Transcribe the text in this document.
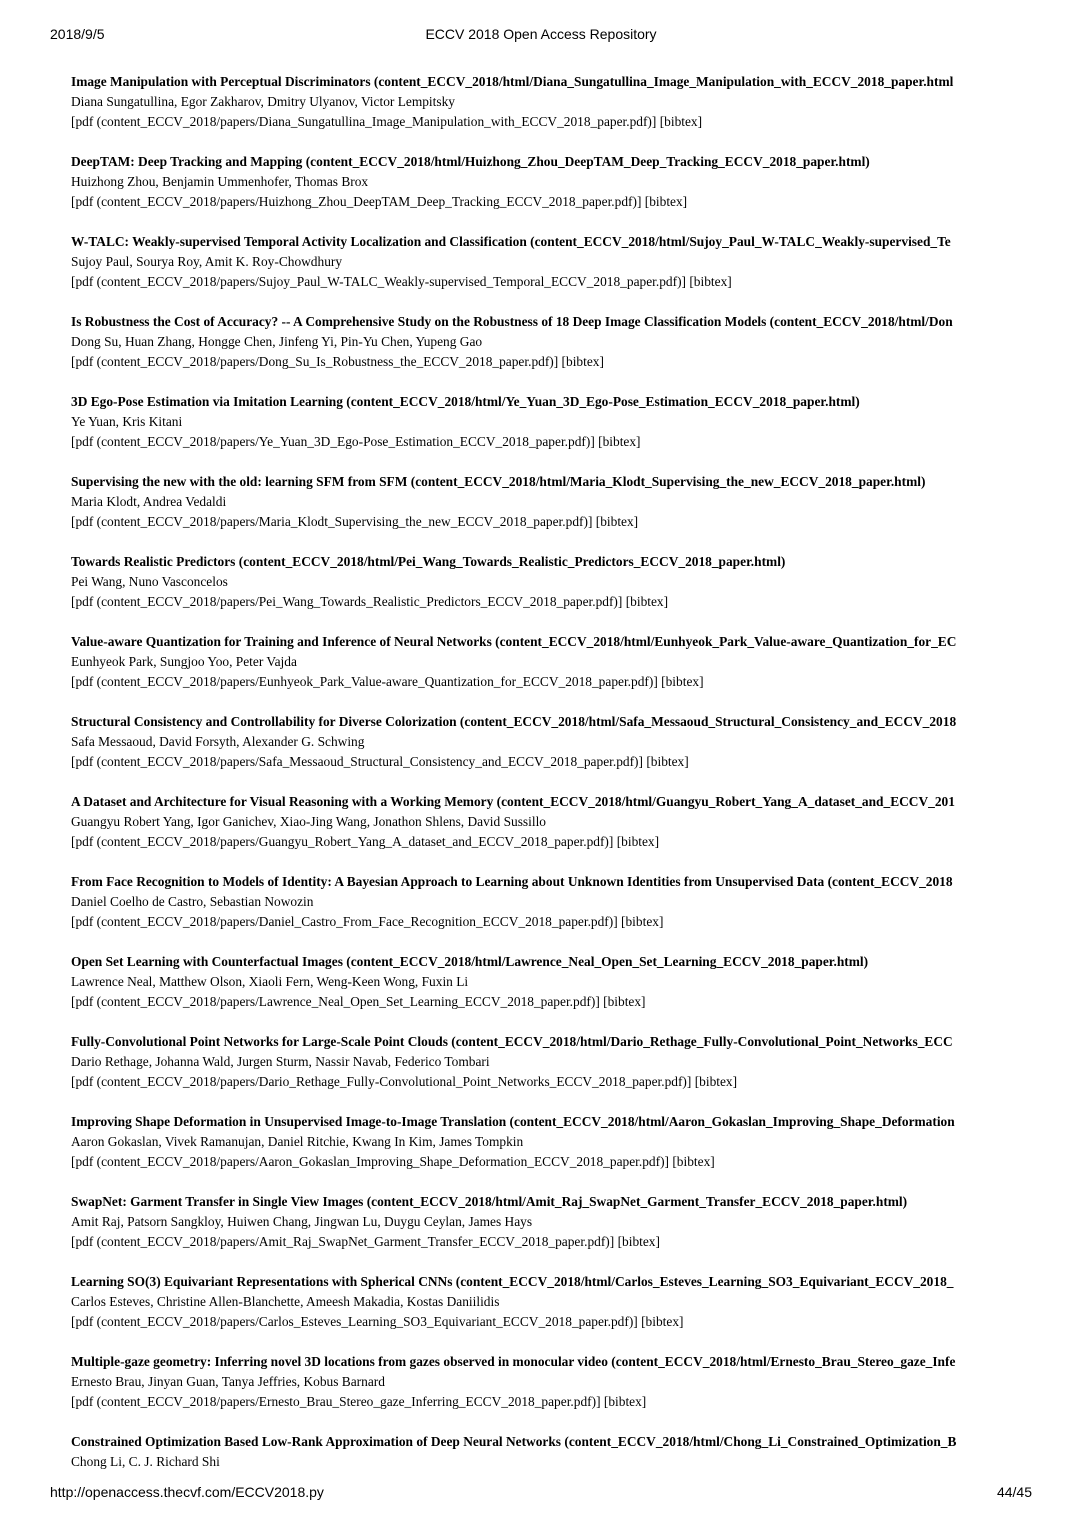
2018/9/5	ECCV 2018 Open Access Repository
Image Manipulation with Perceptual Discriminators (content_ECCV_2018/html/Diana_Sungatullina_Image_Manipulation_with_ECCV_2018_paper.html
Diana Sungatullina, Egor Zakharov, Dmitry Ulyanov, Victor Lempitsky
[pdf (content_ECCV_2018/papers/Diana_Sungatullina_Image_Manipulation_with_ECCV_2018_paper.pdf)] [bibtex]
DeepTAM: Deep Tracking and Mapping (content_ECCV_2018/html/Huizhong_Zhou_DeepTAM_Deep_Tracking_ECCV_2018_paper.html)
Huizhong Zhou, Benjamin Ummenhofer, Thomas Brox
[pdf (content_ECCV_2018/papers/Huizhong_Zhou_DeepTAM_Deep_Tracking_ECCV_2018_paper.pdf)] [bibtex]
W-TALC: Weakly-supervised Temporal Activity Localization and Classification (content_ECCV_2018/html/Sujoy_Paul_W-TALC_Weakly-supervised_Te
Sujoy Paul, Sourya Roy, Amit K. Roy-Chowdhury
[pdf (content_ECCV_2018/papers/Sujoy_Paul_W-TALC_Weakly-supervised_Temporal_ECCV_2018_paper.pdf)] [bibtex]
Is Robustness the Cost of Accuracy? -- A Comprehensive Study on the Robustness of 18 Deep Image Classification Models (content_ECCV_2018/html/Don
Dong Su, Huan Zhang, Hongge Chen, Jinfeng Yi, Pin-Yu Chen, Yupeng Gao
[pdf (content_ECCV_2018/papers/Dong_Su_Is_Robustness_the_ECCV_2018_paper.pdf)] [bibtex]
3D Ego-Pose Estimation via Imitation Learning (content_ECCV_2018/html/Ye_Yuan_3D_Ego-Pose_Estimation_ECCV_2018_paper.html)
Ye Yuan, Kris Kitani
[pdf (content_ECCV_2018/papers/Ye_Yuan_3D_Ego-Pose_Estimation_ECCV_2018_paper.pdf)] [bibtex]
Supervising the new with the old: learning SFM from SFM (content_ECCV_2018/html/Maria_Klodt_Supervising_the_new_ECCV_2018_paper.html)
Maria Klodt, Andrea Vedaldi
[pdf (content_ECCV_2018/papers/Maria_Klodt_Supervising_the_new_ECCV_2018_paper.pdf)] [bibtex]
Towards Realistic Predictors (content_ECCV_2018/html/Pei_Wang_Towards_Realistic_Predictors_ECCV_2018_paper.html)
Pei Wang, Nuno Vasconcelos
[pdf (content_ECCV_2018/papers/Pei_Wang_Towards_Realistic_Predictors_ECCV_2018_paper.pdf)] [bibtex]
Value-aware Quantization for Training and Inference of Neural Networks (content_ECCV_2018/html/Eunhyeok_Park_Value-aware_Quantization_for_EC
Eunhyeok Park, Sungjoo Yoo, Peter Vajda
[pdf (content_ECCV_2018/papers/Eunhyeok_Park_Value-aware_Quantization_for_ECCV_2018_paper.pdf)] [bibtex]
Structural Consistency and Controllability for Diverse Colorization (content_ECCV_2018/html/Safa_Messaoud_Structural_Consistency_and_ECCV_2018
Safa Messaoud, David Forsyth, Alexander G. Schwing
[pdf (content_ECCV_2018/papers/Safa_Messaoud_Structural_Consistency_and_ECCV_2018_paper.pdf)] [bibtex]
A Dataset and Architecture for Visual Reasoning with a Working Memory (content_ECCV_2018/html/Guangyu_Robert_Yang_A_dataset_and_ECCV_201
Guangyu Robert Yang, Igor Ganichev, Xiao-Jing Wang, Jonathon Shlens, David Sussillo
[pdf (content_ECCV_2018/papers/Guangyu_Robert_Yang_A_dataset_and_ECCV_2018_paper.pdf)] [bibtex]
From Face Recognition to Models of Identity: A Bayesian Approach to Learning about Unknown Identities from Unsupervised Data (content_ECCV_2018
Daniel Coelho de Castro, Sebastian Nowozin
[pdf (content_ECCV_2018/papers/Daniel_Castro_From_Face_Recognition_ECCV_2018_paper.pdf)] [bibtex]
Open Set Learning with Counterfactual Images (content_ECCV_2018/html/Lawrence_Neal_Open_Set_Learning_ECCV_2018_paper.html)
Lawrence Neal, Matthew Olson, Xiaoli Fern, Weng-Keen Wong, Fuxin Li
[pdf (content_ECCV_2018/papers/Lawrence_Neal_Open_Set_Learning_ECCV_2018_paper.pdf)] [bibtex]
Fully-Convolutional Point Networks for Large-Scale Point Clouds (content_ECCV_2018/html/Dario_Rethage_Fully-Convolutional_Point_Networks_ECC
Dario Rethage, Johanna Wald, Jurgen Sturm, Nassir Navab, Federico Tombari
[pdf (content_ECCV_2018/papers/Dario_Rethage_Fully-Convolutional_Point_Networks_ECCV_2018_paper.pdf)] [bibtex]
Improving Shape Deformation in Unsupervised Image-to-Image Translation (content_ECCV_2018/html/Aaron_Gokaslan_Improving_Shape_Deformation
Aaron Gokaslan, Vivek Ramanujan, Daniel Ritchie, Kwang In Kim, James Tompkin
[pdf (content_ECCV_2018/papers/Aaron_Gokaslan_Improving_Shape_Deformation_ECCV_2018_paper.pdf)] [bibtex]
SwapNet: Garment Transfer in Single View Images (content_ECCV_2018/html/Amit_Raj_SwapNet_Garment_Transfer_ECCV_2018_paper.html)
Amit Raj, Patsorn Sangkloy, Huiwen Chang, Jingwan Lu, Duygu Ceylan, James Hays
[pdf (content_ECCV_2018/papers/Amit_Raj_SwapNet_Garment_Transfer_ECCV_2018_paper.pdf)] [bibtex]
Learning SO(3) Equivariant Representations with Spherical CNNs (content_ECCV_2018/html/Carlos_Esteves_Learning_SO3_Equivariant_ECCV_2018_
Carlos Esteves, Christine Allen-Blanchette, Ameesh Makadia, Kostas Daniilidis
[pdf (content_ECCV_2018/papers/Carlos_Esteves_Learning_SO3_Equivariant_ECCV_2018_paper.pdf)] [bibtex]
Multiple-gaze geometry: Inferring novel 3D locations from gazes observed in monocular video (content_ECCV_2018/html/Ernesto_Brau_Stereo_gaze_Infe
Ernesto Brau, Jinyan Guan, Tanya Jeffries, Kobus Barnard
[pdf (content_ECCV_2018/papers/Ernesto_Brau_Stereo_gaze_Inferring_ECCV_2018_paper.pdf)] [bibtex]
Constrained Optimization Based Low-Rank Approximation of Deep Neural Networks (content_ECCV_2018/html/Chong_Li_Constrained_Optimization_B
Chong Li, C. J. Richard Shi
http://openaccess.thecvf.com/ECCV2018.py	44/45
